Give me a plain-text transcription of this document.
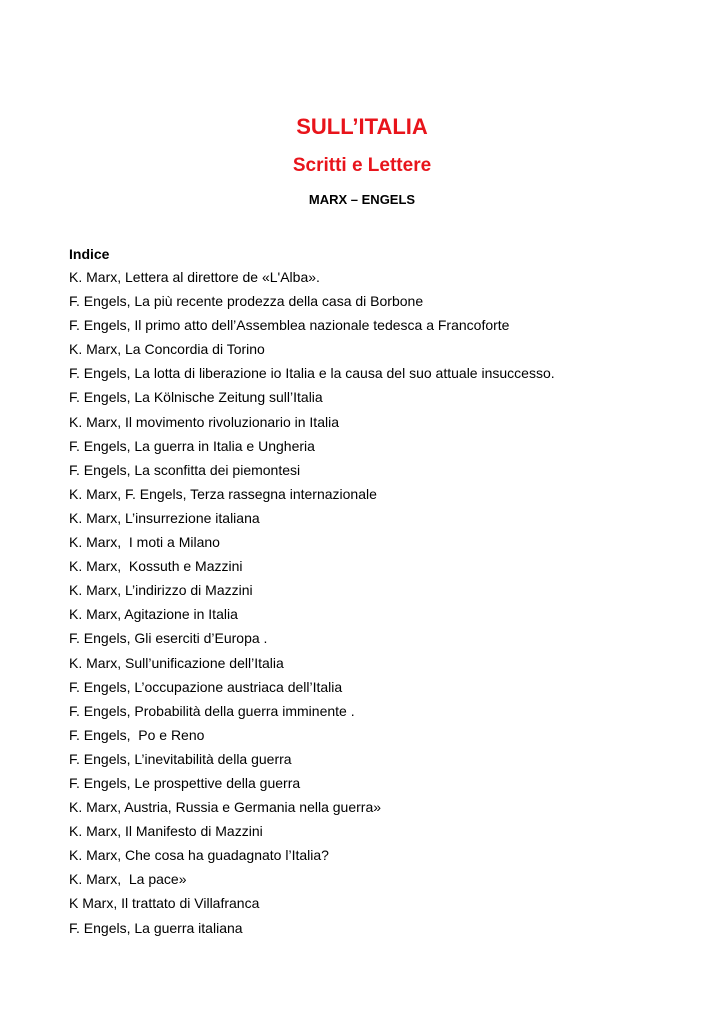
SULL’ITALIA
Scritti e Lettere
MARX – ENGELS
Indice
K. Marx, Lettera al direttore de «L'Alba».
F. Engels, La più recente prodezza della casa di Borbone
F. Engels, Il primo atto dell’Assemblea nazionale tedesca a Francoforte
K. Marx, La Concordia di Torino
F. Engels, La lotta di liberazione io Italia e la causa del suo attuale insuccesso.
F. Engels, La Kölnische Zeitung sull’Italia
K. Marx, Il movimento rivoluzionario in Italia
F. Engels, La guerra in Italia e Ungheria
F. Engels, La sconfitta dei piemontesi
K. Marx, F. Engels, Terza rassegna internazionale
K. Marx, L’insurrezione italiana
K. Marx,  I moti a Milano
K. Marx,  Kossuth e Mazzini
K. Marx, L’indirizzo di Mazzini
K. Marx, Agitazione in Italia
F. Engels, Gli eserciti d’Europa .
K. Marx, Sull’unificazione dell’Italia
F. Engels, L’occupazione austriaca dell’Italia
F. Engels, Probabilità della guerra imminente .
F. Engels,  Po e Reno
F. Engels, L’inevitabilità della guerra
F. Engels, Le prospettive della guerra
K. Marx, Austria, Russia e Germania nella guerra»
K. Marx, Il Manifesto di Mazzini
K. Marx, Che cosa ha guadagnato l’Italia?
K. Marx,  La pace»
K Marx, Il trattato di Villafranca
F. Engels, La guerra italiana
